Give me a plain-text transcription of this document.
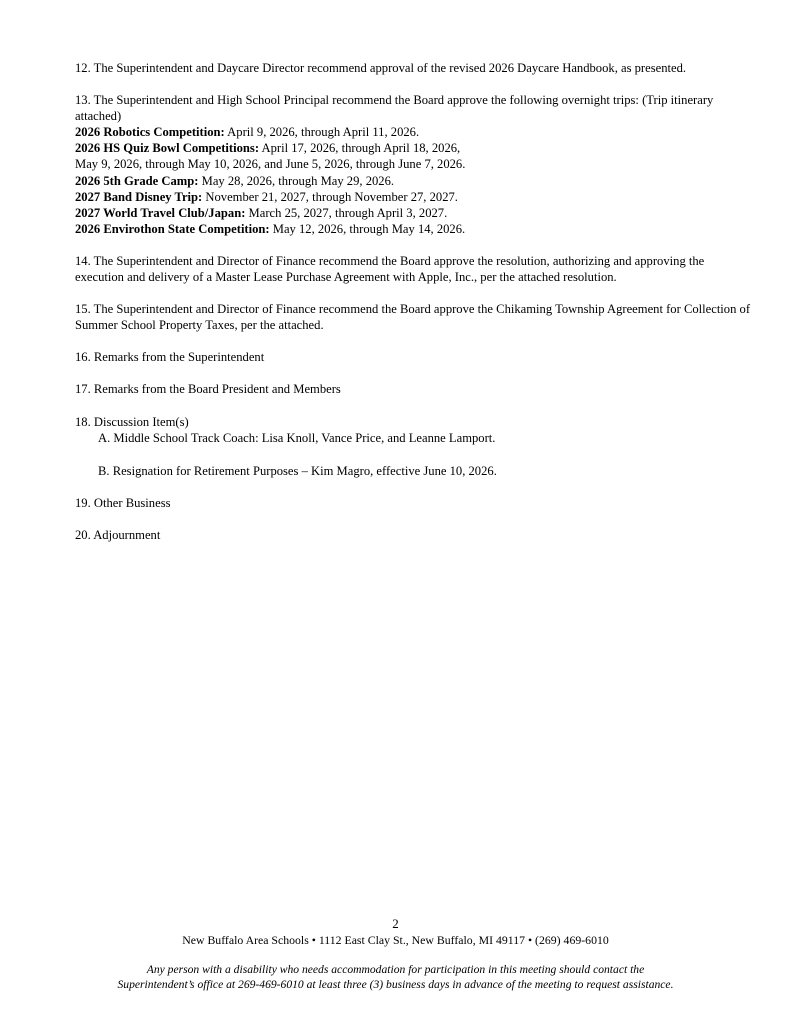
12. The Superintendent and Daycare Director recommend approval of the revised 2026 Daycare Handbook, as presented.

13. The Superintendent and High School Principal recommend the Board approve the following overnight trips: (Trip itinerary attached)

2026 Robotics Competition: April 9, 2026, through April 11, 2026.
2026 HS Quiz Bowl Competitions: April 17, 2026, through April 18, 2026,
May 9, 2026, through May 10, 2026, and June 5, 2026, through June 7, 2026.
2026 5th Grade Camp: May 28, 2026, through May 29, 2026.
2027 Band Disney Trip: November 21, 2027, through November 27, 2027.
2027 World Travel Club/Japan: March 25, 2027, through April 3, 2027.
2026 Envirothon State Competition: May 12, 2026, through May 14, 2026.

14. The Superintendent and Director of Finance recommend the Board approve the resolution, authorizing and approving the execution and delivery of a Master Lease Purchase Agreement with Apple, Inc., per the attached resolution.

15. The Superintendent and Director of Finance recommend the Board approve the Chikaming Township Agreement for Collection of Summer School Property Taxes, per the attached.

16. Remarks from the Superintendent

17. Remarks from the Board President and Members

18. Discussion Item(s)

A. Middle School Track Coach: Lisa Knoll, Vance Price, and Leanne Lamport.

B. Resignation for Retirement Purposes – Kim Magro, effective June 10, 2026.

19. Other Business

20. Adjournment

2
New Buffalo Area Schools • 1112 East Clay St., New Buffalo, MI 49117 • (269) 469-6010
Any person with a disability who needs accommodation for participation in this meeting should contact the
Superintendent’s office at 269-469-6010 at least three (3) business days in advance of the meeting to request assistance.
